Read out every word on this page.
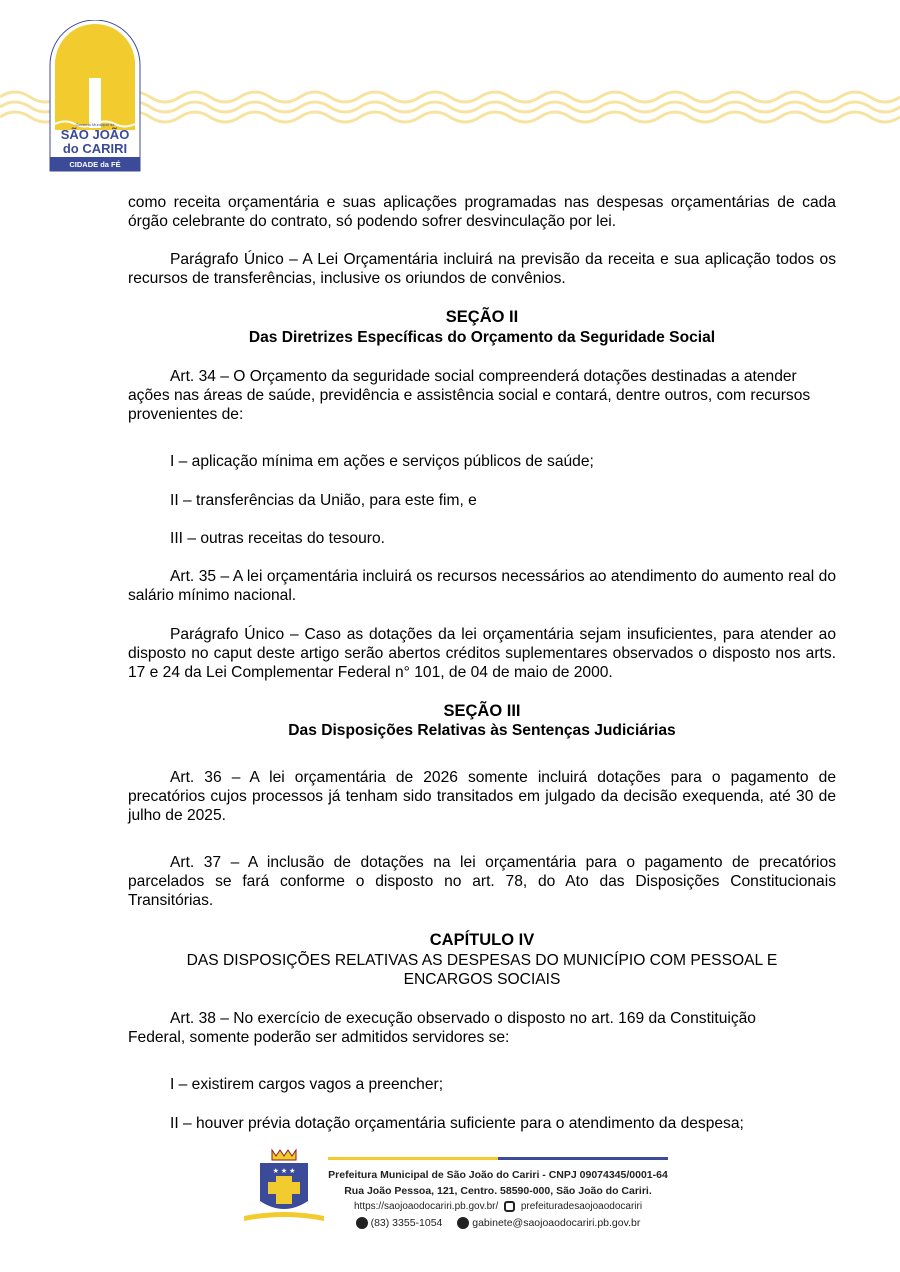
Governo Municipal de
SÃO JOÃO
do CARIRI
CIDADE da FÉ
como receita orçamentária e suas aplicações programadas nas despesas orçamentárias de cada órgão celebrante do contrato, só podendo sofrer desvinculação por lei.
Parágrafo Único – A Lei Orçamentária incluirá na previsão da receita e sua aplicação todos os recursos de transferências, inclusive os oriundos de convênios.
SEÇÃO II
Das Diretrizes Específicas do Orçamento da Seguridade Social
Art. 34 – O Orçamento da seguridade social compreenderá dotações destinadas a atender ações nas áreas de saúde, previdência e assistência social e contará, dentre outros, com recursos provenientes de:
I – aplicação mínima em ações e serviços públicos de saúde;
II – transferências da União, para este fim, e
III – outras receitas do tesouro.
Art. 35 – A lei orçamentária incluirá os recursos necessários ao atendimento do aumento real do salário mínimo nacional.
Parágrafo Único – Caso as dotações da lei orçamentária sejam insuficientes, para atender ao disposto no caput deste artigo serão abertos créditos suplementares observados o disposto nos arts. 17 e 24 da Lei Complementar Federal n° 101, de 04 de maio de 2000.
SEÇÃO III
Das Disposições Relativas às Sentenças Judiciárias
Art. 36 – A lei orçamentária de 2026 somente incluirá dotações para o pagamento de precatórios cujos processos já tenham sido transitados em julgado da decisão exequenda, até 30 de julho de 2025.
Art. 37 – A inclusão de dotações na lei orçamentária para o pagamento de precatórios parcelados se fará conforme o disposto no art. 78, do Ato das Disposições Constitucionais Transitórias.
CAPÍTULO IV
DAS DISPOSIÇÕES RELATIVAS AS DESPESAS DO MUNICÍPIO COM PESSOAL E ENCARGOS SOCIAIS
Art. 38 – No exercício de execução observado o disposto no art. 169 da Constituição Federal, somente poderão ser admitidos servidores se:
I – existirem cargos vagos a preencher;
II – houver prévia dotação orçamentária suficiente para o atendimento da despesa;
★ ★ ★	Prefeitura Municipal de São João do Cariri - CNPJ 09074345/0001-64
Rua João Pessoa, 121, Centro. 58590-000, São João do Cariri.
https://saojoaodocariri.pb.gov.br/ prefeituradesaojoaodocariri
(83) 3355-1054	gabinete@saojoaodocariri.pb.gov.br
